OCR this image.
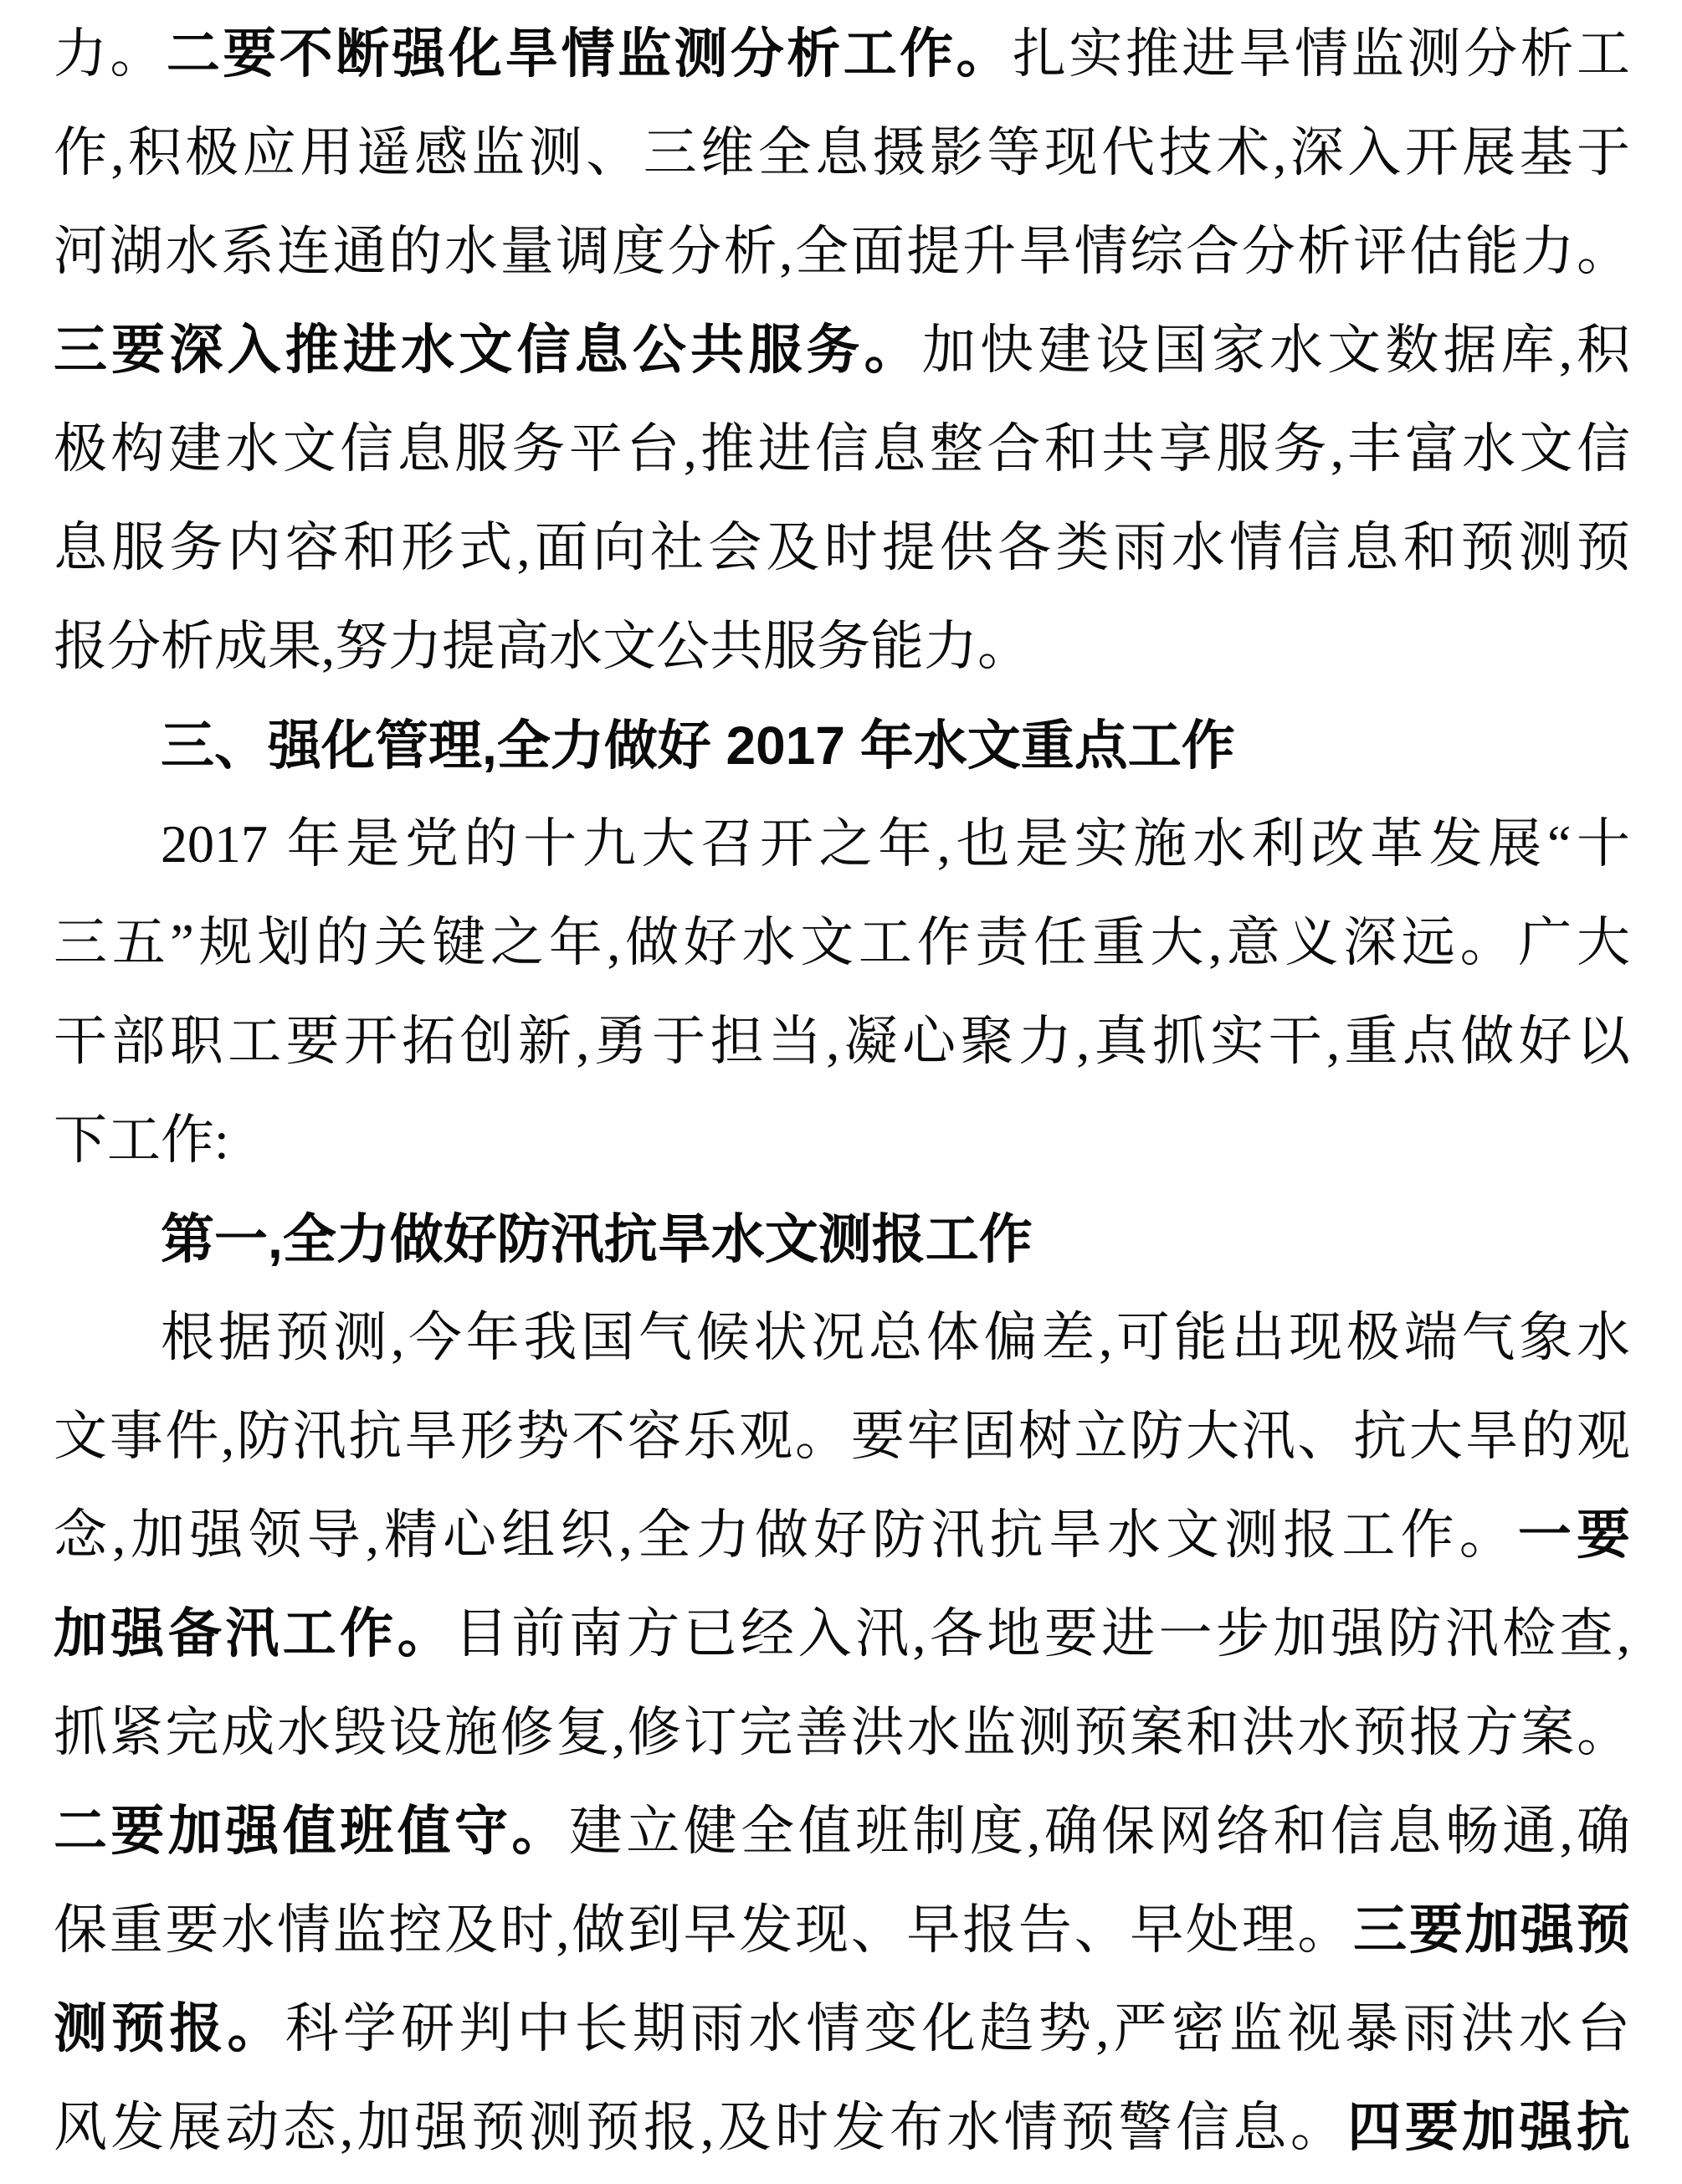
力。二要不断强化旱情监测分析工作。扎实推进旱情监测分析工
作,积极应用遥感监测、三维全息摄影等现代技术,深入开展基于
河湖水系连通的水量调度分析,全面提升旱情综合分析评估能力。
三要深入推进水文信息公共服务。加快建设国家水文数据库,积
极构建水文信息服务平台,推进信息整合和共享服务,丰富水文信
息服务内容和形式,面向社会及时提供各类雨水情信息和预测预
报分析成果,努力提高水文公共服务能力。
三、强化管理,全力做好 2017 年水文重点工作
2017 年是党的十九大召开之年,也是实施水利改革发展“十
三五”规划的关键之年,做好水文工作责任重大,意义深远。广大
干部职工要开拓创新,勇于担当,凝心聚力,真抓实干,重点做好以
下工作:
第一,全力做好防汛抗旱水文测报工作
根据预测,今年我国气候状况总体偏差,可能出现极端气象水
文事件,防汛抗旱形势不容乐观。要牢固树立防大汛、抗大旱的观
念,加强领导,精心组织,全力做好防汛抗旱水文测报工作。一要
加强备汛工作。目前南方已经入汛,各地要进一步加强防汛检查,
抓紧完成水毁设施修复,修订完善洪水监测预案和洪水预报方案。
二要加强值班值守。建立健全值班制度,确保网络和信息畅通,确
保重要水情监控及时,做到早发现、早报告、早处理。三要加强预
测预报。科学研判中长期雨水情变化趋势,严密监视暴雨洪水台
风发展动态,加强预测预报,及时发布水情预警信息。四要加强抗
